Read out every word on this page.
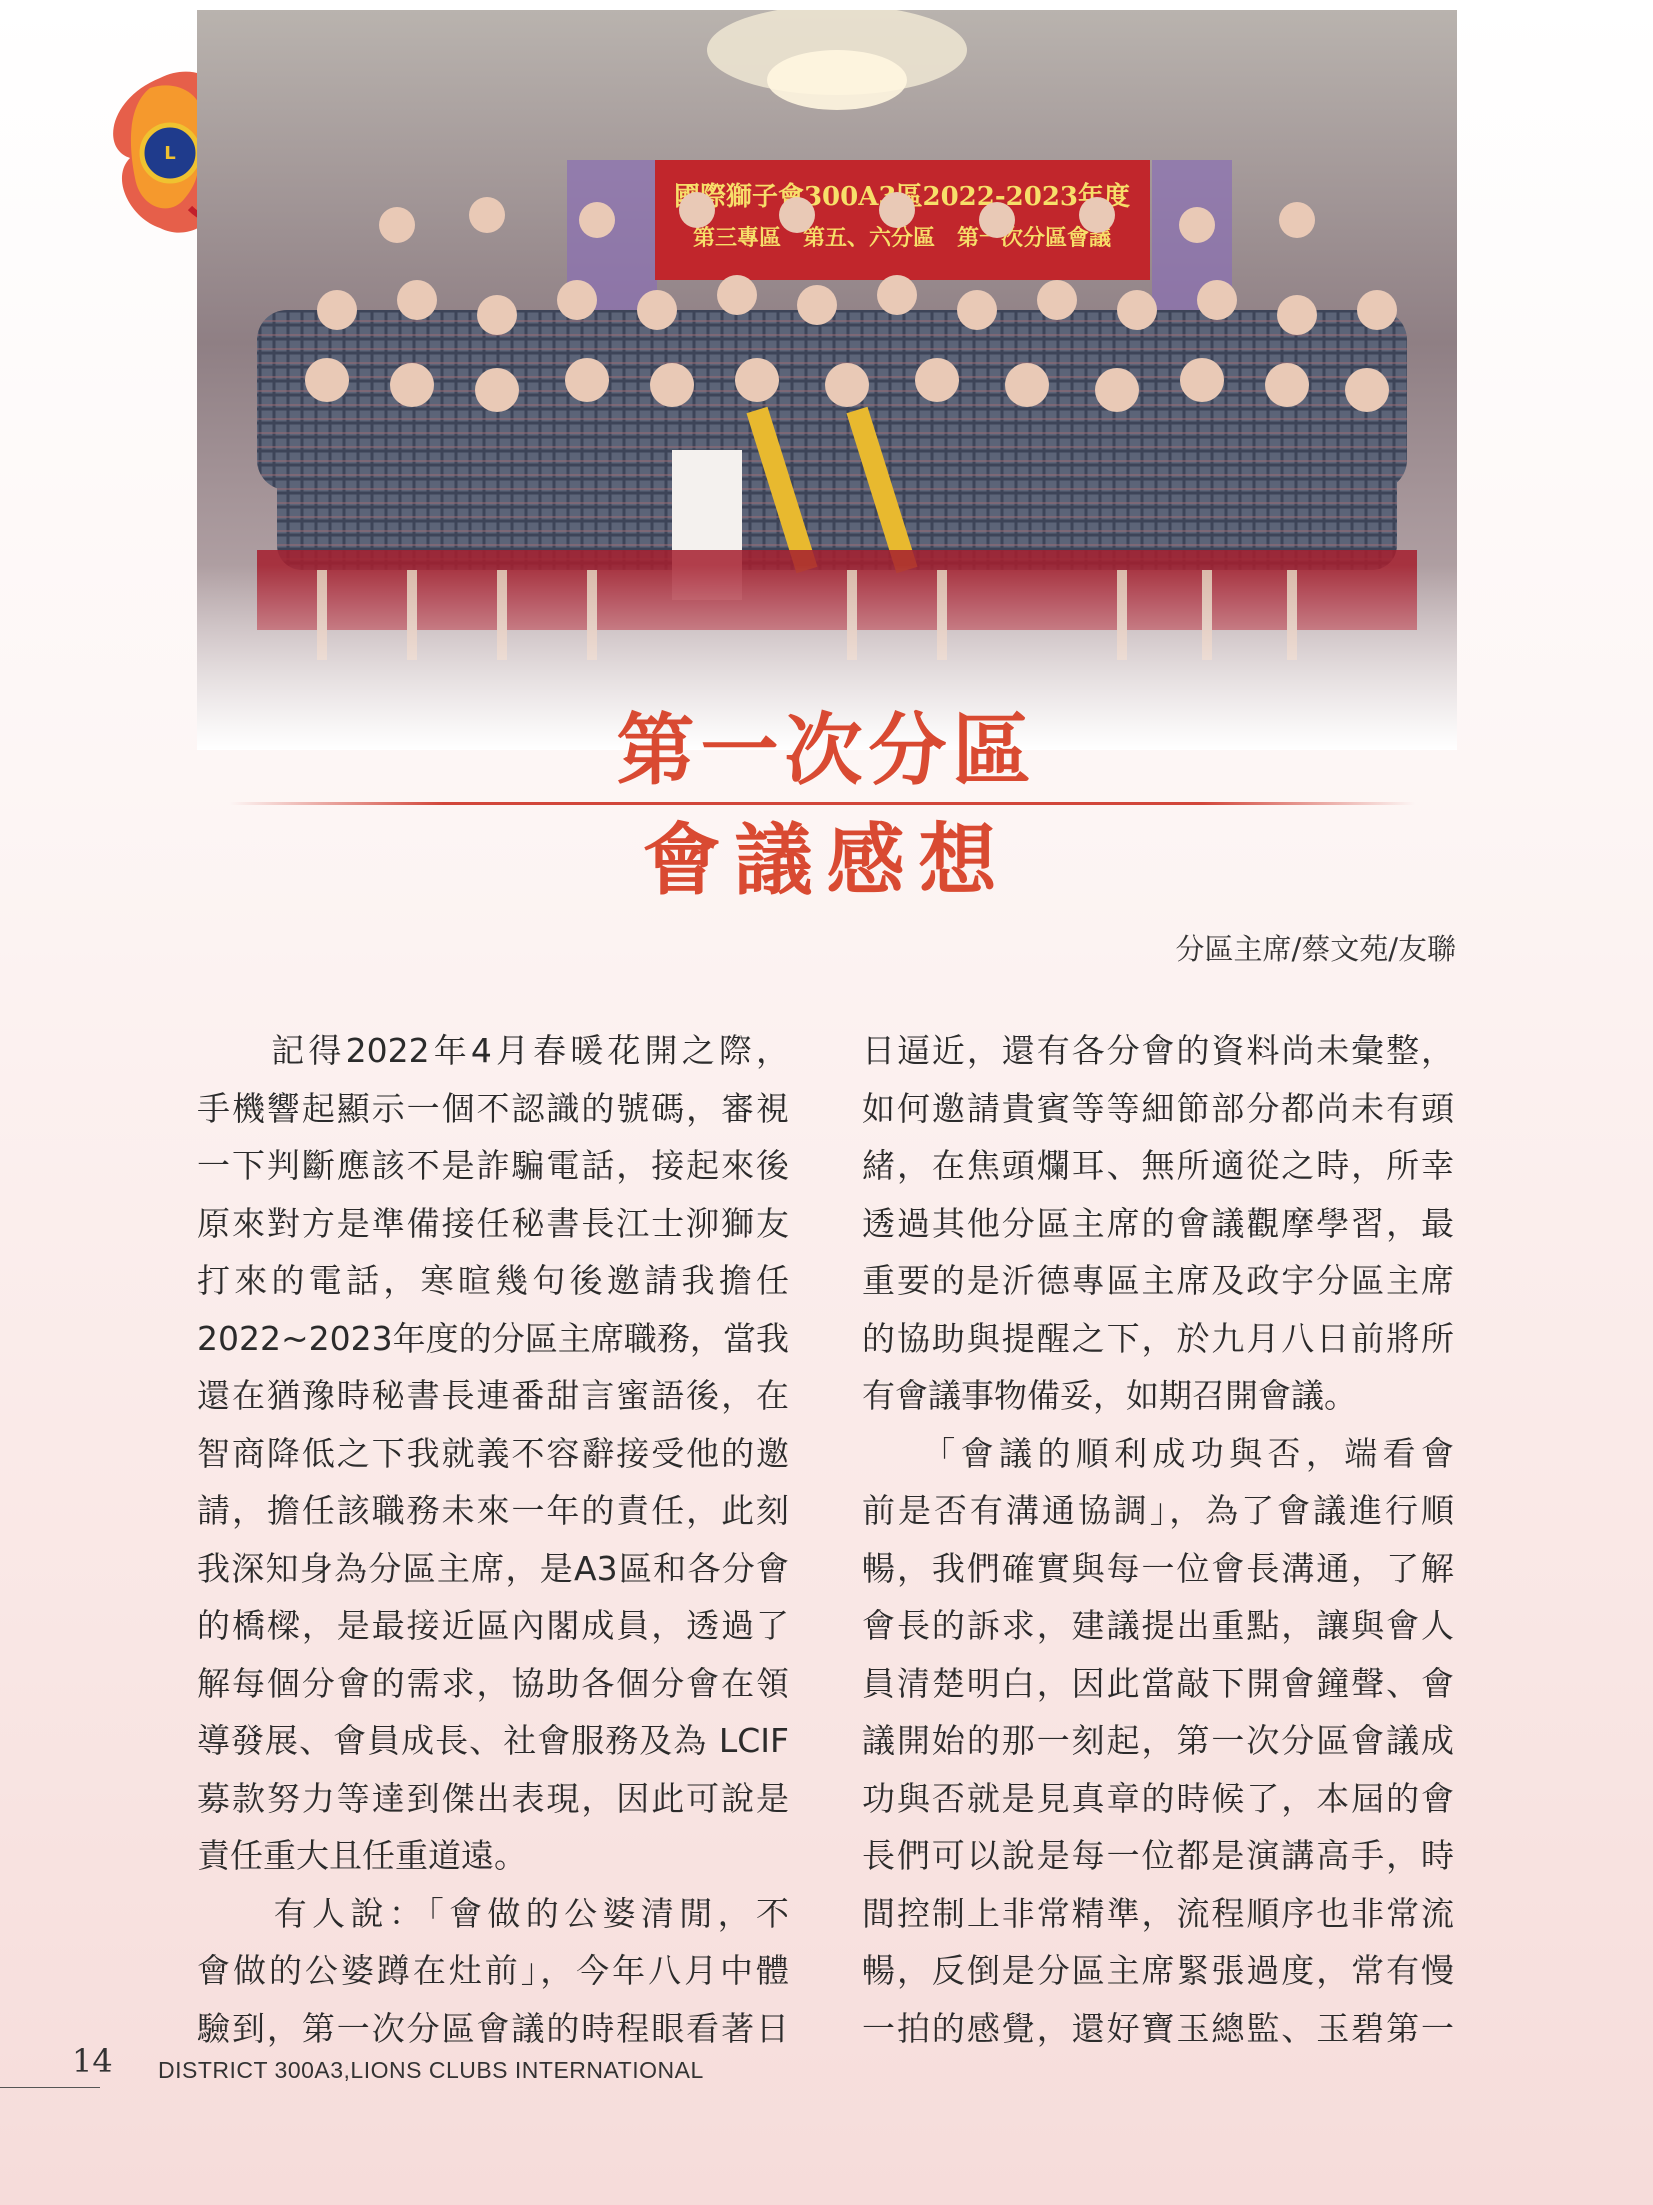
L
第一次分區
會議感想
分區主席/蔡文苑/友聯
　　記得2022年4月春暖花開之際，
手機響起顯示一個不認識的號碼，審視
一下判斷應該不是詐騙電話，接起來後
原來對方是準備接任秘書長江士泖獅友
打來的電話，寒暄幾句後邀請我擔任
2022~2023年度的分區主席職務，當我
還在猶豫時秘書長連番甜言蜜語後，在
智商降低之下我就義不容辭接受他的邀
請，擔任該職務未來一年的責任，此刻
我深知身為分區主席，是A3區和各分會
的橋樑，是最接近區內閣成員，透過了
解每個分會的需求，協助各個分會在領
導發展、會員成長、社會服務及為 LCIF
募款努力等達到傑出表現，因此可說是
責任重大且任重道遠。
　　有人說：「會做的公婆清閒，不
會做的公婆蹲在灶前」，今年八月中體
驗到，第一次分區會議的時程眼看著日
日逼近，還有各分會的資料尚未彙整，
如何邀請貴賓等等細節部分都尚未有頭
緒，在焦頭爛耳、無所適從之時，所幸
透過其他分區主席的會議觀摩學習，最
重要的是沂德專區主席及政宇分區主席
的協助與提醒之下，於九月八日前將所
有會議事物備妥，如期召開會議。
　　「會議的順利成功與否，端看會
前是否有溝通協調」，為了會議進行順
暢，我們確實與每一位會長溝通，了解
會長的訴求，建議提出重點，讓與會人
員清楚明白，因此當敲下開會鐘聲、會
議開始的那一刻起，第一次分區會議成
功與否就是見真章的時候了，本屆的會
長們可以說是每一位都是演講高手，時
間控制上非常精準，流程順序也非常流
暢，反倒是分區主席緊張過度，常有慢
一拍的感覺，還好寶玉總監、玉碧第一
14 DISTRICT 300A3,LIONS CLUBS INTERNATIONAL
